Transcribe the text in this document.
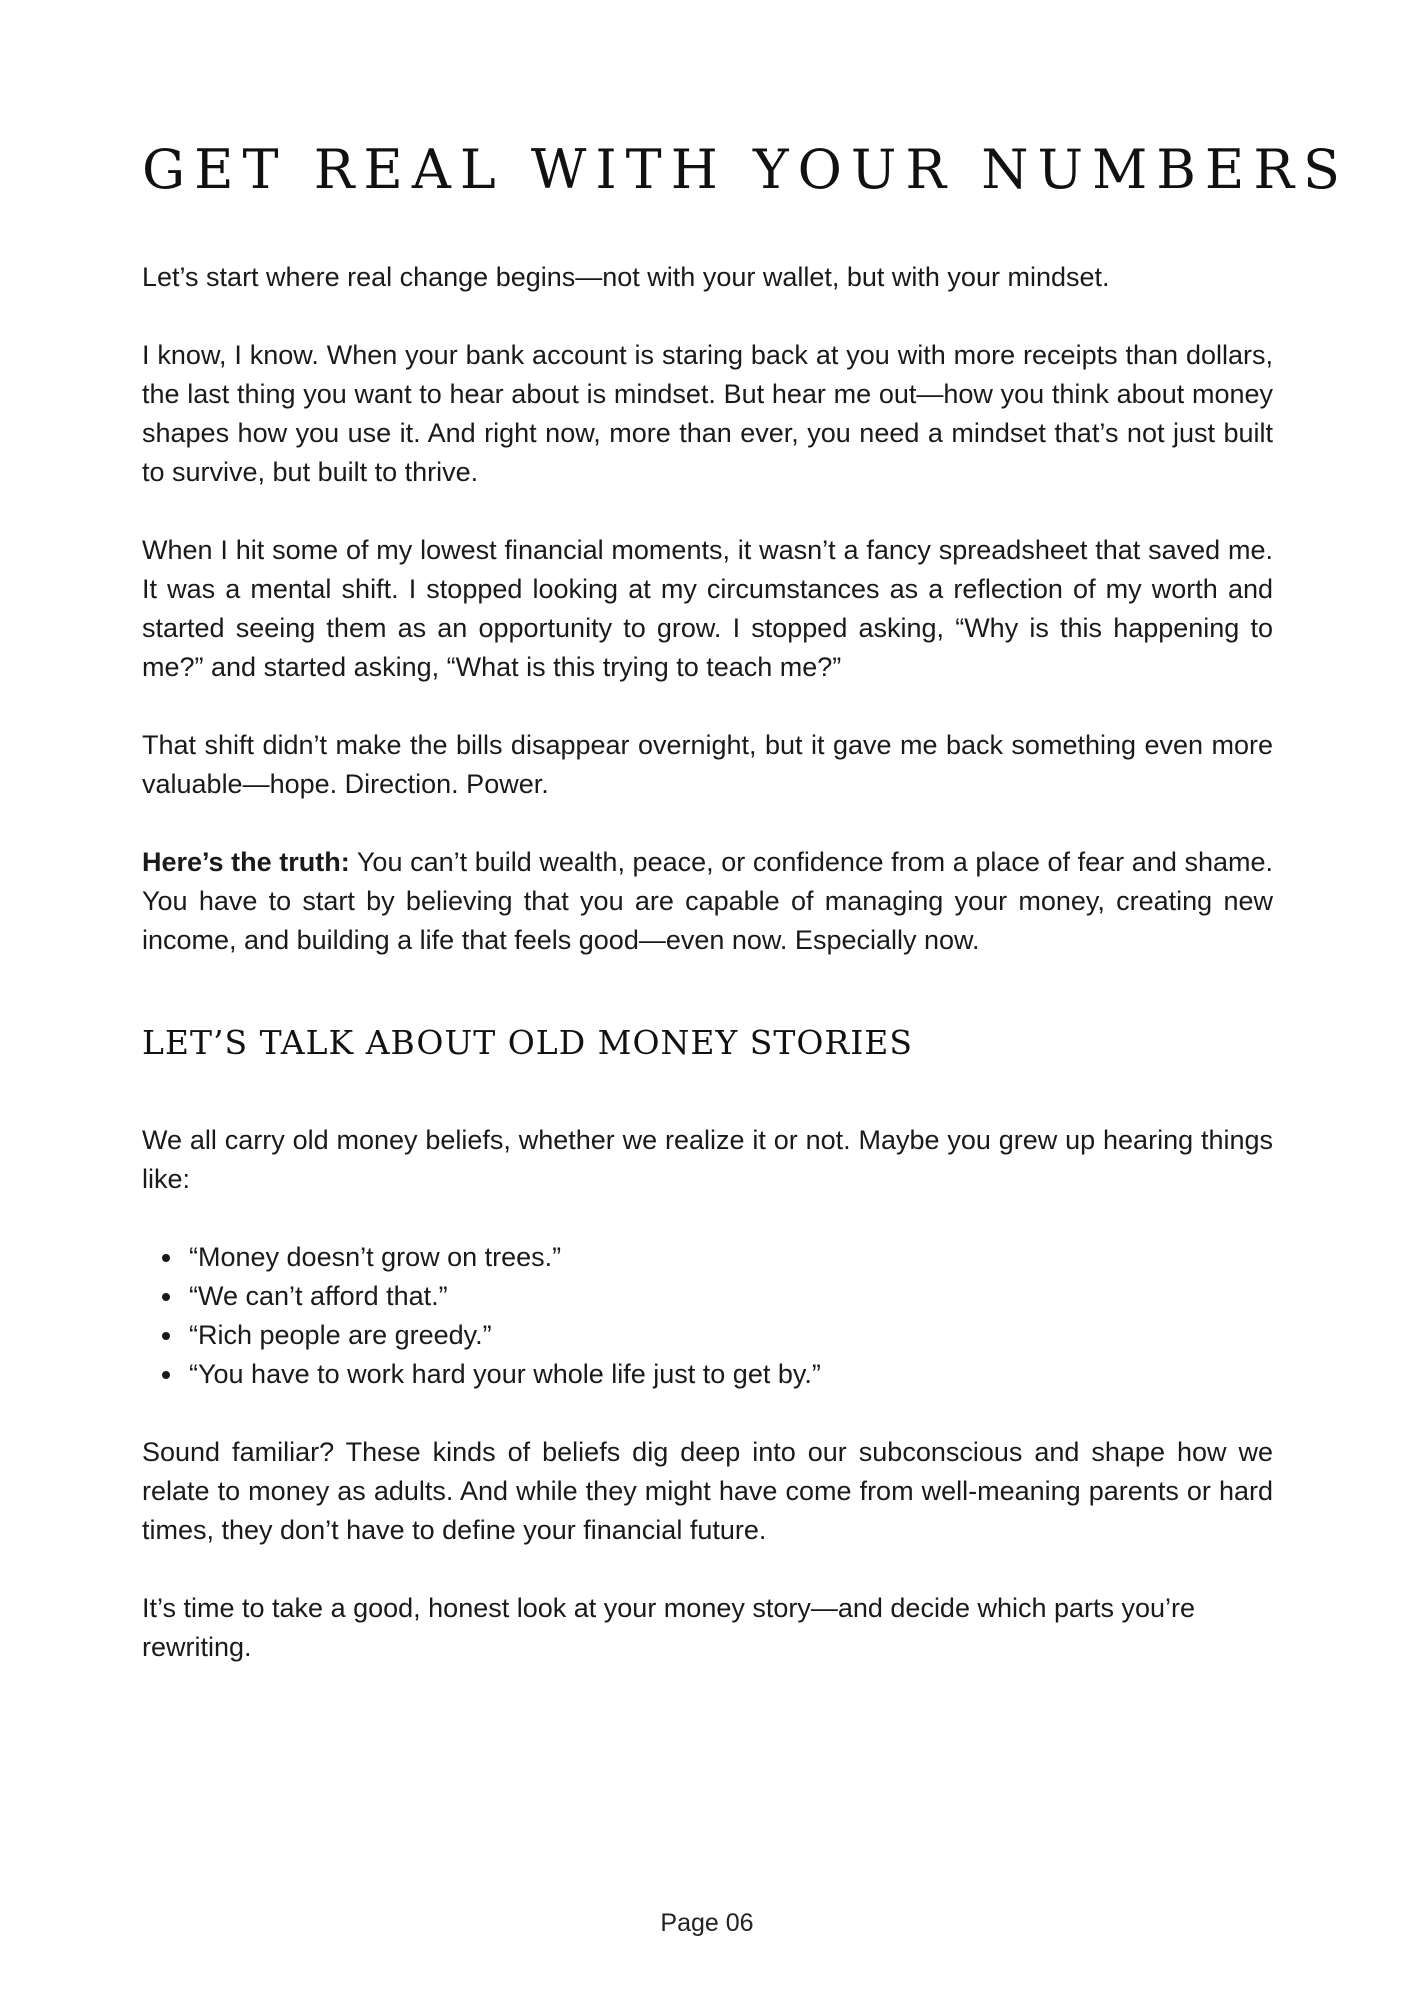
GET REAL WITH YOUR NUMBERS

Let’s start where real change begins—not with your wallet, but with your mindset.

I know, I know. When your bank account is staring back at you with more receipts than dollars, the last thing you want to hear about is mindset. But hear me out—how you think about money shapes how you use it. And right now, more than ever, you need a mindset that’s not just built to survive, but built to thrive.

When I hit some of my lowest financial moments, it wasn’t a fancy spreadsheet that saved me. It was a mental shift. I stopped looking at my circumstances as a reflection of my worth and started seeing them as an opportunity to grow. I stopped asking, “Why is this happening to me?” and started asking, “What is this trying to teach me?”

That shift didn’t make the bills disappear overnight, but it gave me back something even more valuable—hope. Direction. Power.

Here’s the truth: You can’t build wealth, peace, or confidence from a place of fear and shame. You have to start by believing that you are capable of managing your money, creating new income, and building a life that feels good—even now. Especially now.

LET’S TALK ABOUT OLD MONEY STORIES

We all carry old money beliefs, whether we realize it or not. Maybe you grew up hearing things like:

“Money doesn’t grow on trees.”
“We can’t afford that.”
“Rich people are greedy.”
“You have to work hard your whole life just to get by.”

Sound familiar? These kinds of beliefs dig deep into our subconscious and shape how we relate to money as adults. And while they might have come from well-meaning parents or hard times, they don’t have to define your financial future.

It’s time to take a good, honest look at your money story—and decide which parts you’re rewriting.

Page 06
